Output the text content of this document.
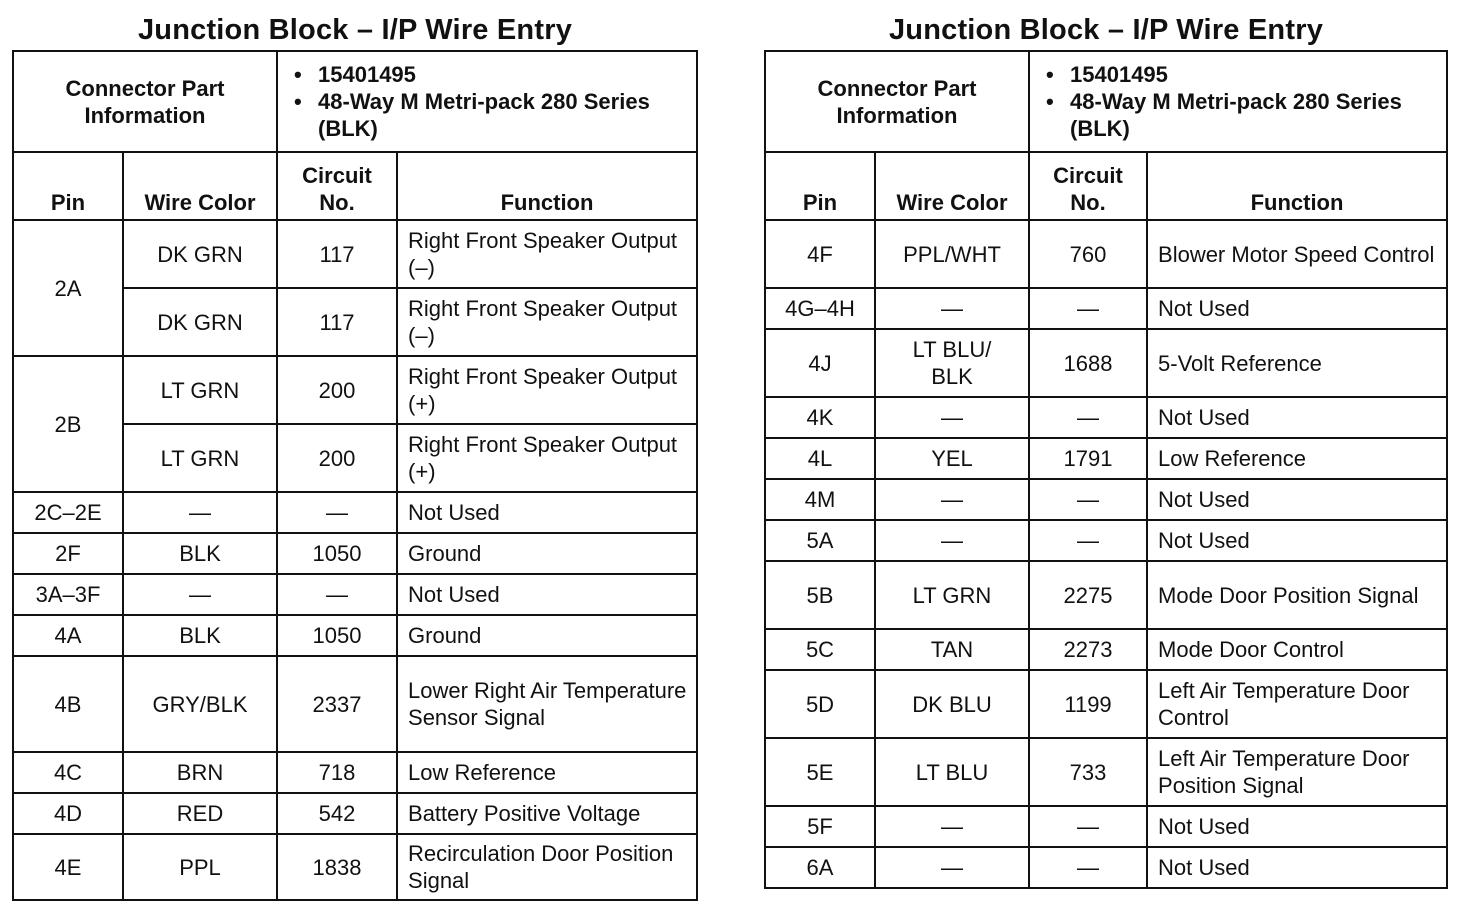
Junction Block – I/P Wire Entry
Connector Part Information		• 15401495
• 48-Way M Metri-pack 280 Series (BLK)	

Pin	Wire Color	Circuit No.	Function
2A	DK GRN	117	Right Front Speaker Output (–)
	DK GRN	117	Right Front Speaker Output (–)
2B	LT GRN	200	Right Front Speaker Output (+)
	LT GRN	200	Right Front Speaker Output (+)
2C–2E	—	—	Not Used
2F	BLK	1050	Ground
3A–3F	—	—	Not Used
4A	BLK	1050	Ground
4B	GRY/BLK	2337	Lower Right Air Temperature Sensor Signal
4C	BRN	718	Low Reference
4D	RED	542	Battery Positive Voltage
4E	PPL	1838	Recirculation Door Position Signal
Junction Block – I/P Wire Entry
Connector Part Information		• 15401495
• 48-Way M Metri-pack 280 Series (BLK)	

Pin	Wire Color	Circuit No.	Function
4F	PPL/WHT	760	Blower Motor Speed Control
4G–4H	—	—	Not Used
4J	LT BLU/ BLK	1688	5-Volt Reference
4K	—	—	Not Used
4L	YEL	1791	Low Reference
4M	—	—	Not Used
5A	—	—	Not Used
5B	LT GRN	2275	Mode Door Position Signal
5C	TAN	2273	Mode Door Control
5D	DK BLU	1199	Left Air Temperature Door Control
5E	LT BLU	733	Left Air Temperature Door Position Signal
5F	—	—	Not Used
6A	—	—	Not Used
